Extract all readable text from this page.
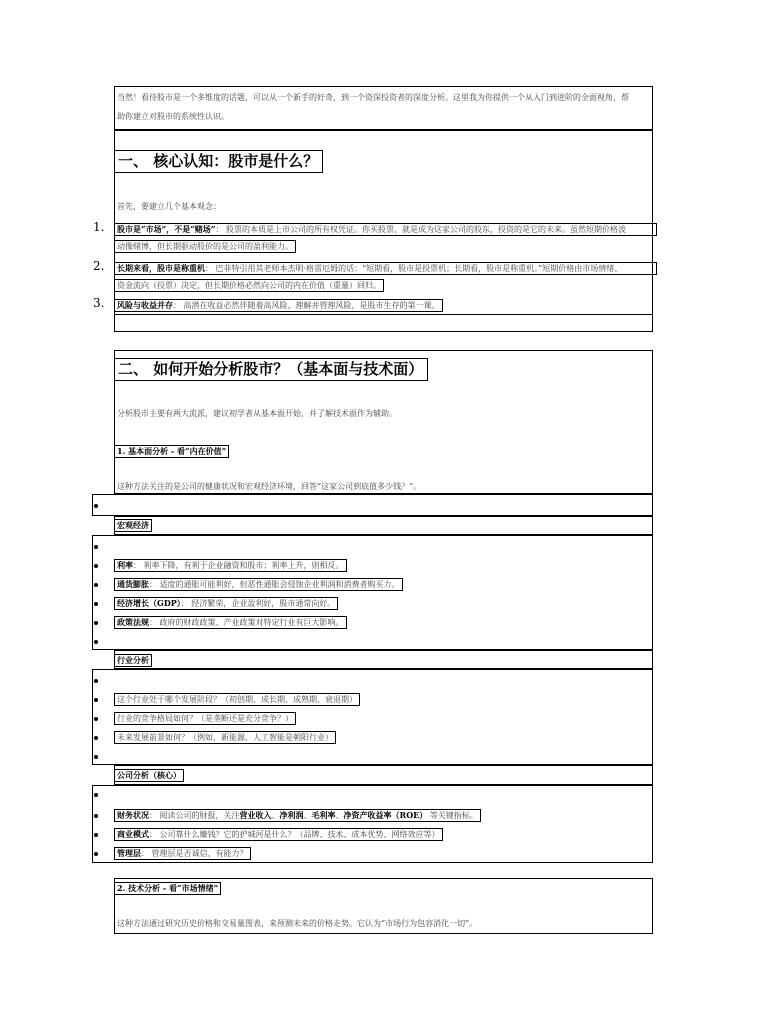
当然！看待股市是一个多维度的话题，可以从一个新手的好奇，到一个资深投资者的深度分析。这里我为你提供一个从入门到进阶的全面视角，帮
助你建立对股市的系统性认识。
一、 核心认知：股市是什么？
首先，要建立几个基本观念：
1.	股市是“市场”，不是“赌场”： 股票的本质是上市公司的所有权凭证。你买股票，就是成为这家公司的股东，投资的是它的未来。虽然短期价格波
动像赌博，但长期驱动股价的是公司的盈利能力。
2.	长期来看，股市是称重机： 巴菲特引用其老师本杰明·格雷厄姆的话：“短期看，股市是投票机；长期看，股市是称重机。”短期价格由市场情绪、
资金流向（投票）决定，但长期价格必然向公司的内在价值（重量）回归。
3.	风险与收益并存： 高潜在收益必然伴随着高风险。理解并管理风险，是股市生存的第一课。
二、 如何开始分析股市？（基本面与技术面）
分析股市主要有两大流派，建议初学者从基本面开始，并了解技术面作为辅助。
1. 基本面分析 - 看“内在价值”
这种方法关注的是公司的健康状况和宏观经济环境，回答“这家公司到底值多少钱？”。
宏观经济
利率： 利率下降，有利于企业融资和股市；利率上升，则相反。
通货膨胀： 适度的通胀可能利好，但恶性通胀会侵蚀企业利润和消费者购买力。
经济增长（GDP）： 经济繁荣，企业盈利好，股市通常向好。
政策法规： 政府的财政政策、产业政策对特定行业有巨大影响。
行业分析
这个行业处于哪个发展阶段？（初创期、成长期、成熟期、衰退期）
行业的竞争格局如何？（是垄断还是充分竞争？）
未来发展前景如何？（例如，新能源、人工智能是朝阳行业）
公司分析（核心）
财务状况： 阅读公司的财报，关注营业收入、净利润、毛利率、净资产收益率（ROE） 等关键指标。
商业模式： 公司靠什么赚钱？它的护城河是什么？（品牌、技术、成本优势、网络效应等）
管理层： 管理层是否诚信、有能力？
2. 技术分析 - 看“市场情绪”
这种方法通过研究历史价格和交易量图表，来预测未来的价格走势。它认为“市场行为包容消化一切”。
